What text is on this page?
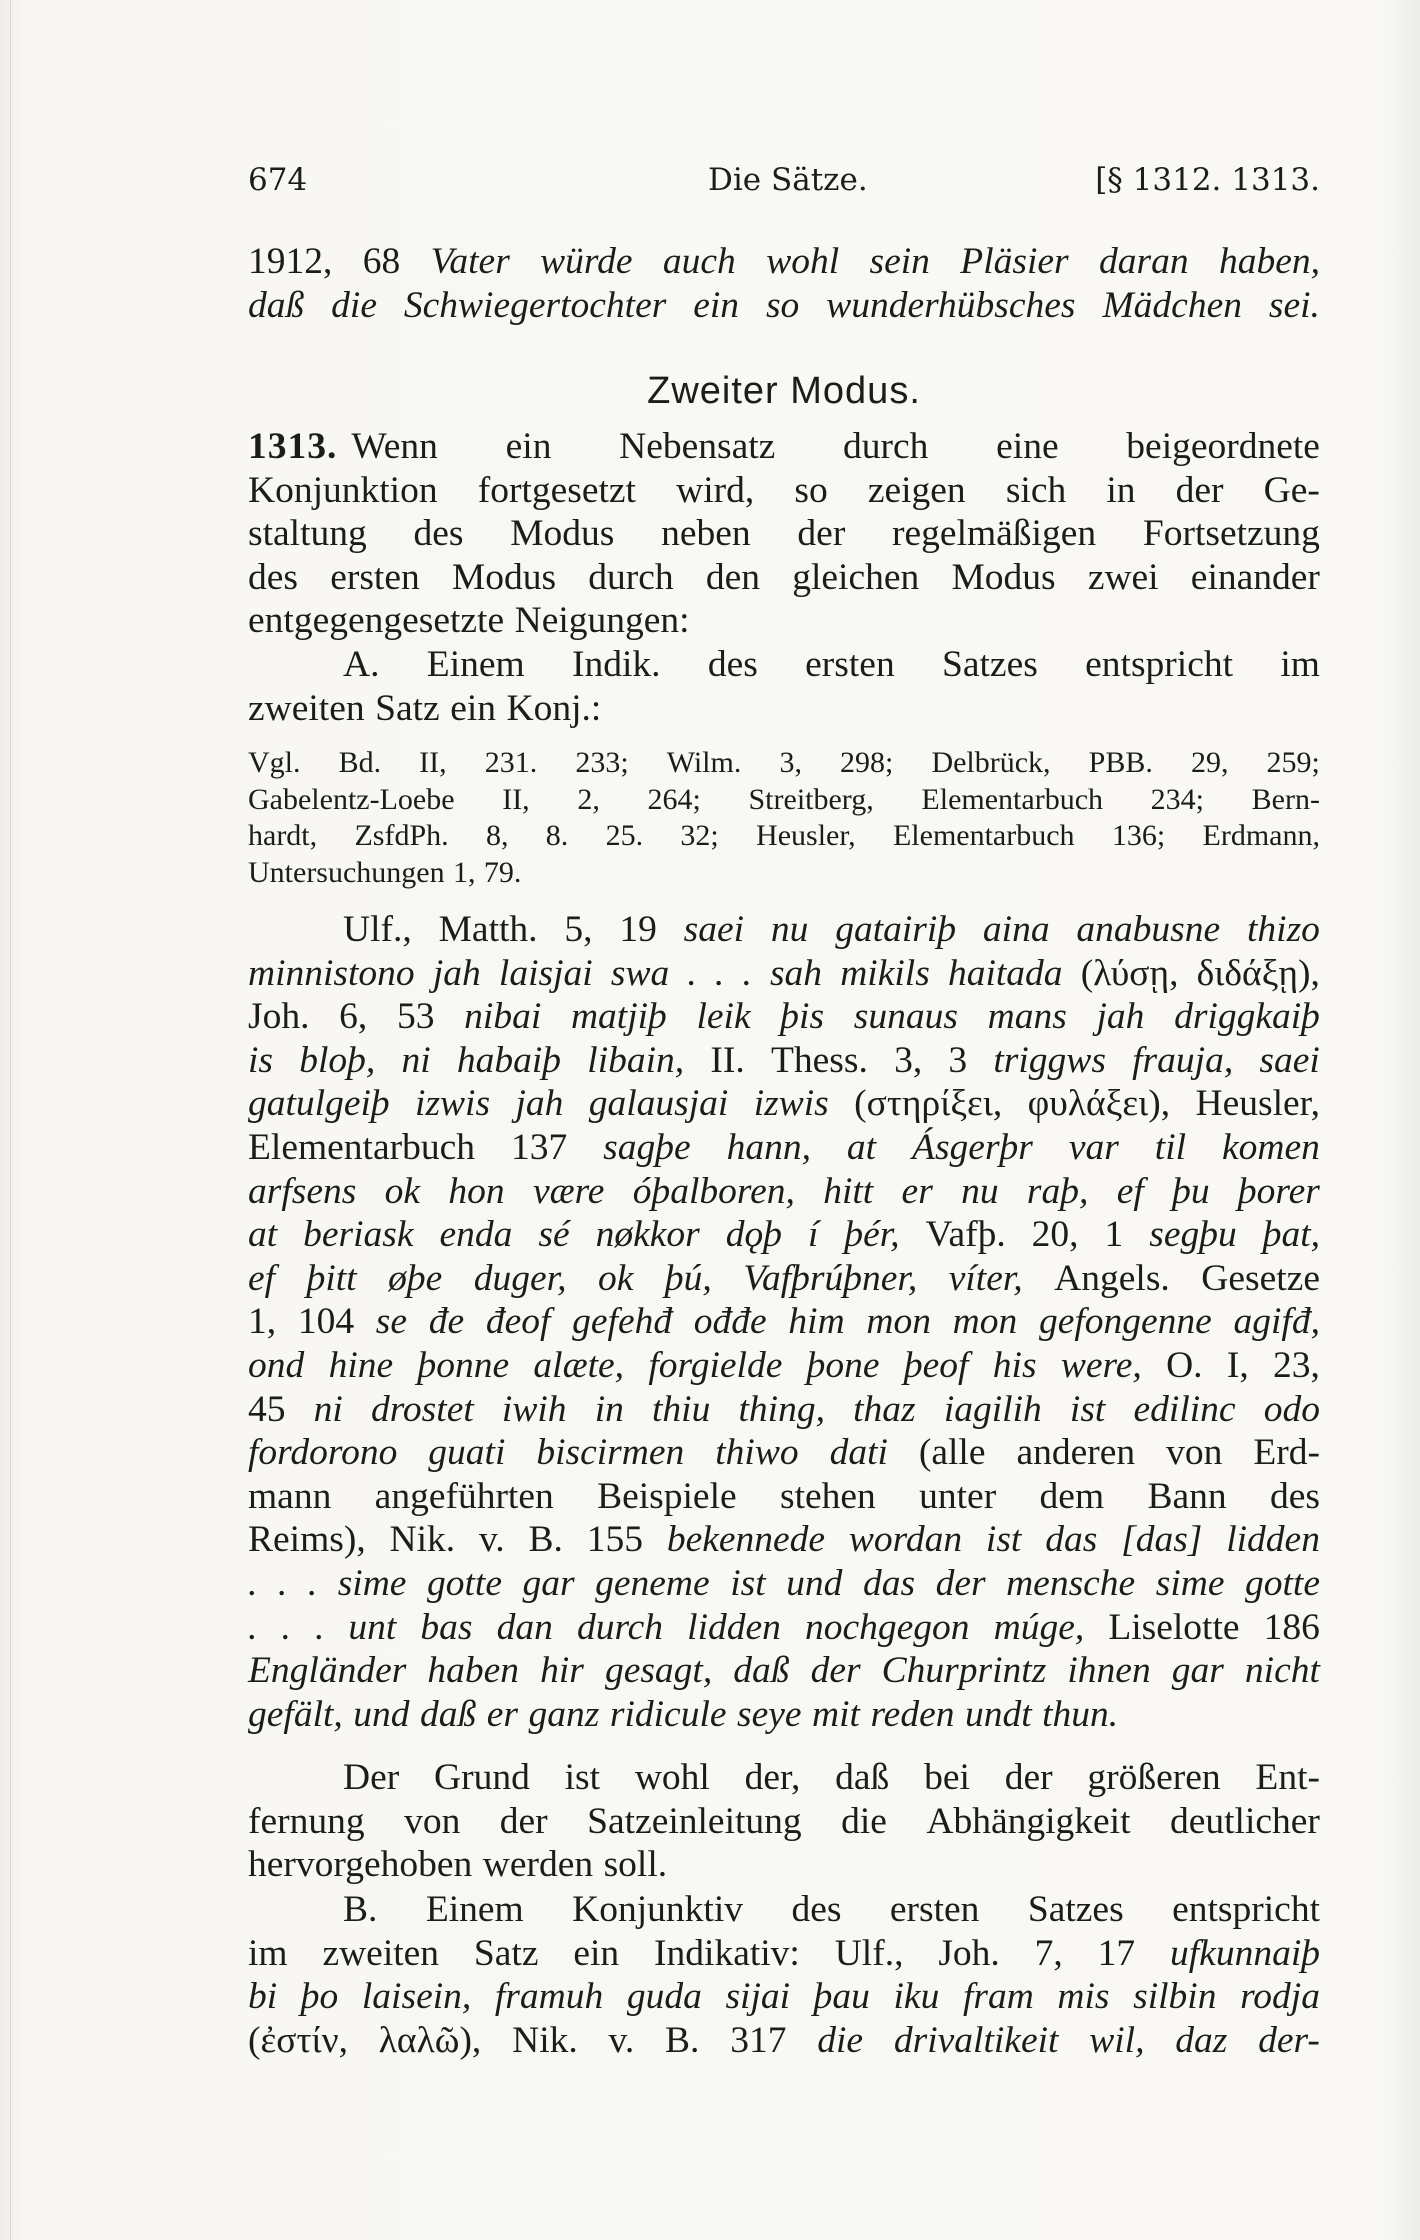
674	Die Sätze.	[§ 1312. 1313.
1912, 68 Vater würde auch wohl sein Pläsier daran haben,
daß die Schwiegertochter ein so wunderhübsches Mädchen sei.
Zweiter Modus.
1313. Wenn ein Nebensatz durch eine beigeordnete
Konjunktion fortgesetzt wird, so zeigen sich in der Ge-
staltung des Modus neben der regelmäßigen Fortsetzung
des ersten Modus durch den gleichen Modus zwei einander
entgegengesetzte Neigungen:
A. Einem Indik. des ersten Satzes entspricht im
zweiten Satz ein Konj.:
Vgl. Bd. II, 231. 233; Wilm. 3, 298; Delbrück, PBB. 29, 259;
Gabelentz-Loebe II, 2, 264; Streitberg, Elementarbuch 234; Bern-
hardt, ZsfdPh. 8, 8. 25. 32; Heusler, Elementarbuch 136; Erdmann,
Untersuchungen 1, 79.
Ulf., Matth. 5, 19 saei nu gatairiþ aina anabusne thizo
minnistono jah laisjai swa . . . sah mikils haitada (λύσῃ, διδάξῃ),
Joh. 6, 53 nibai matjiþ leik þis sunaus mans jah driggkaiþ
is bloþ, ni habaiþ libain, II. Thess. 3, 3 triggws frauja, saei
gatulgeiþ izwis jah galausjai izwis (στηρίξει, φυλάξει), Heusler,
Elementarbuch 137 sagþe hann, at Ásgerþr var til komen
arfsens ok hon være óþalboren, hitt er nu raþ, ef þu þorer
at beriask enda sé nøkkor dǫþ í þér, Vafþ. 20, 1 segþu þat,
ef þitt øþe duger, ok þú, Vafþrúþner, víter, Angels. Gesetze
1, 104 se đe đeof gefehđ ođđe him mon mon gefongenne agifđ,
ond hine þonne alæte, forgielde þone þeof his were, O. I, 23,
45 ni drostet iwih in thiu thing, thaz iagilih ist edilinc odo
fordorono guati biscirmen thiwo dati (alle anderen von Erd-
mann angeführten Beispiele stehen unter dem Bann des
Reims), Nik. v. B. 155 bekennede wordan ist das [das] lidden
. . . sime gotte gar geneme ist und das der mensche sime gotte
. . . unt bas dan durch lidden nochgegon múge, Liselotte 186
Engländer haben hir gesagt, daß der Churprintz ihnen gar nicht
gefält, und daß er ganz ridicule seye mit reden undt thun.
Der Grund ist wohl der, daß bei der größeren Ent-
fernung von der Satzeinleitung die Abhängigkeit deutlicher
hervorgehoben werden soll.
B. Einem Konjunktiv des ersten Satzes entspricht
im zweiten Satz ein Indikativ: Ulf., Joh. 7, 17 ufkunnaiþ
bi þo laisein, framuh guda sijai þau iku fram mis silbin rodja
(ἐστίν, λαλῶ), Nik. v. B. 317 die drivaltikeit wil, daz der-
